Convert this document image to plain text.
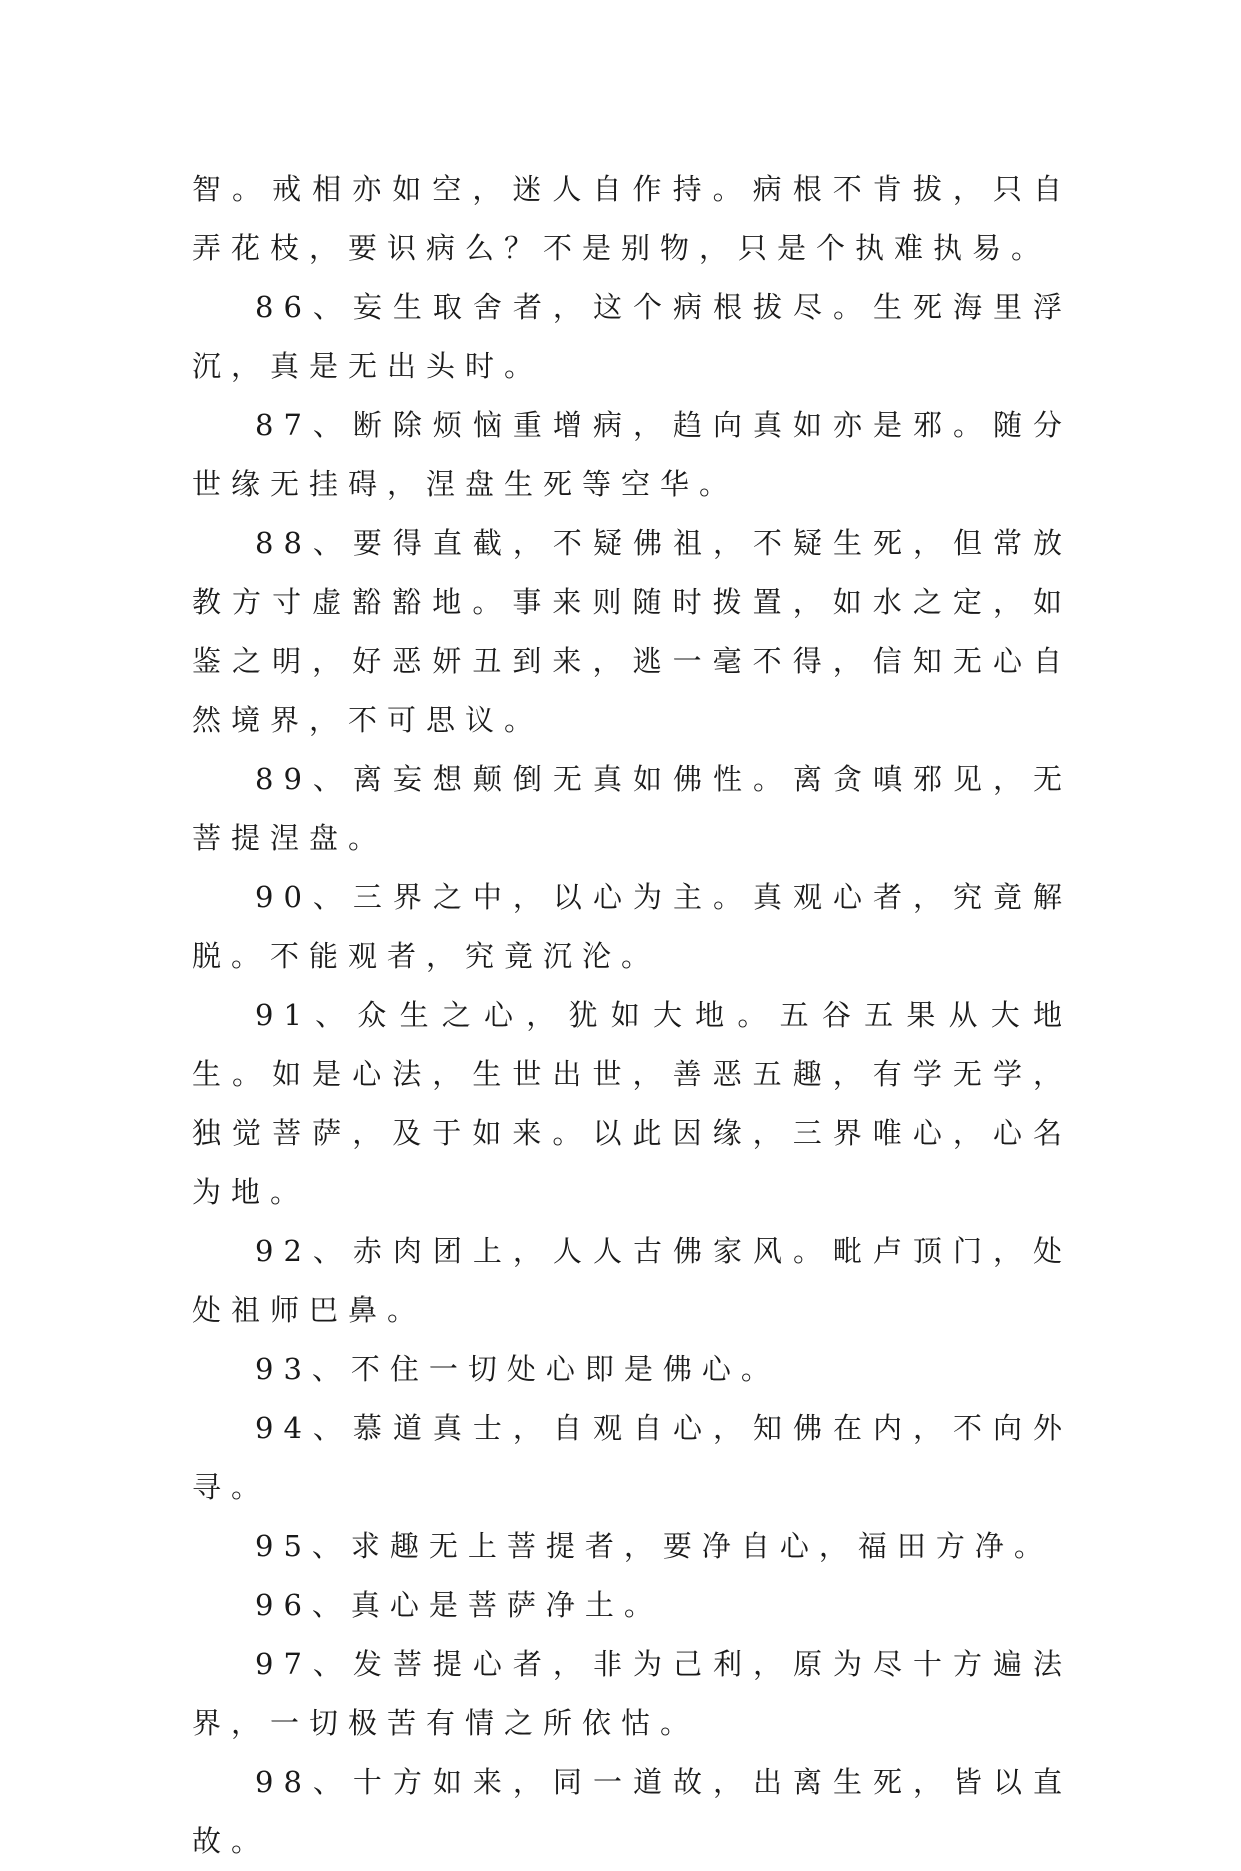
智。戒相亦如空，迷人自作持。病根不肯拔，只自弄花枝，要识病么？不是别物，只是个执难执易。

86、妄生取舍者，这个病根拔尽。生死海里浮沉，真是无出头时。

87、断除烦恼重增病，趋向真如亦是邪。随分世缘无挂碍，涅盘生死等空华。

88、要得直截，不疑佛祖，不疑生死，但常放教方寸虚豁豁地。事来则随时拨置，如水之定，如鉴之明，好恶妍丑到来，逃一毫不得，信知无心自然境界，不可思议。

89、离妄想颠倒无真如佛性。离贪嗔邪见，无菩提涅盘。

90、三界之中，以心为主。真观心者，究竟解脱。不能观者，究竟沉沦。

91、众生之心，犹如大地。五谷五果从大地生。如是心法，生世出世，善恶五趣，有学无学，独觉菩萨，及于如来。以此因缘，三界唯心，心名为地。

92、赤肉团上，人人古佛家风。毗卢顶门，处处祖师巴鼻。

93、不住一切处心即是佛心。

94、慕道真士，自观自心，知佛在内，不向外寻。

95、求趣无上菩提者，要净自心，福田方净。

96、真心是菩萨净土。

97、发菩提心者，非为己利，原为尽十方遍法界，一切极苦有情之所依怙。

98、十方如来，同一道故，出离生死，皆以直故。
